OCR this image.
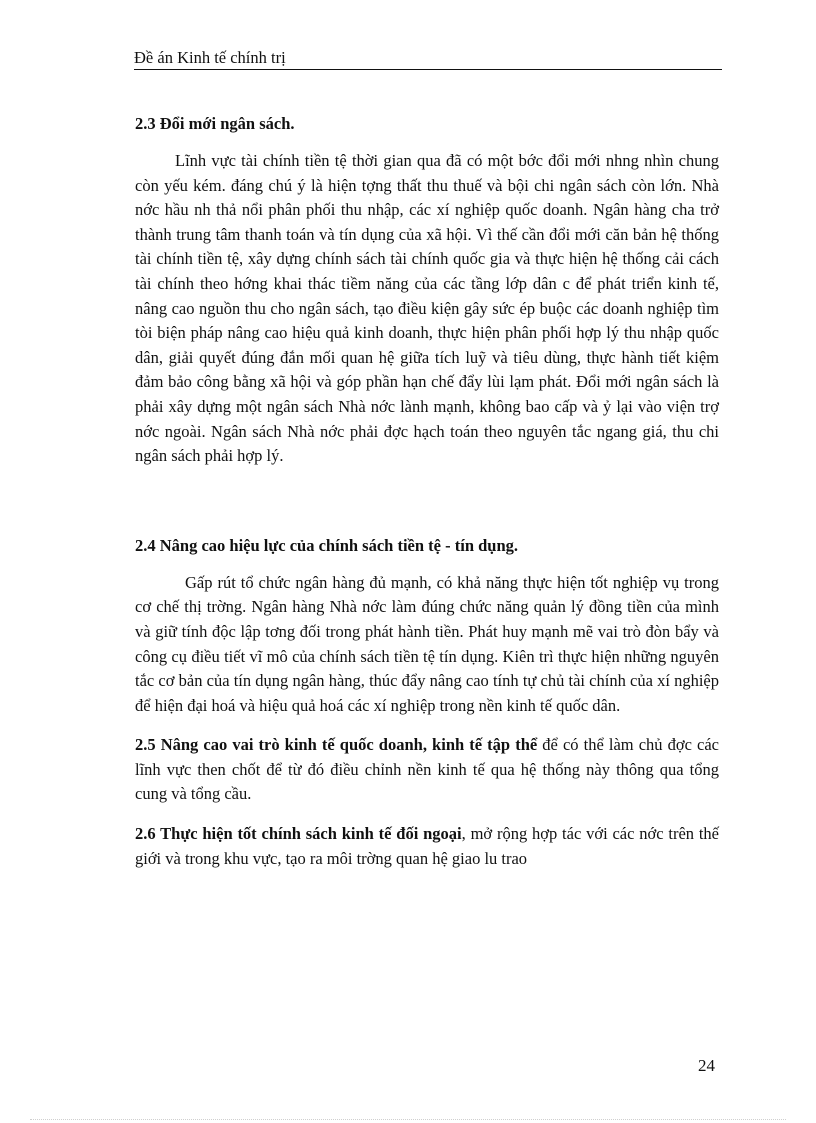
Đề án Kinh tế chính trị
2.3 Đổi mới ngân sách.

Lĩnh vực tài chính tiền tệ thời gian qua đã có một bớc đổi mới nhng nhìn chung còn yếu kém. đáng chú ý là hiện tợng thất thu thuế và bội chi ngân sách còn lớn. Nhà nớc hầu nh thả nổi phân phối thu nhập, các xí nghiệp quốc doanh. Ngân hàng cha trở thành trung tâm thanh toán và tín dụng của xã hội. Vì thế cần đổi mới căn bản hệ thống tài chính tiền tệ, xây dựng chính sách tài chính quốc gia và thực hiện hệ thống cải cách tài chính theo hớng khai thác tiềm năng của các tầng lớp dân c để phát triển kinh tế, nâng cao nguồn thu cho ngân sách, tạo điều kiện gây sức ép buộc các doanh nghiệp tìm tòi biện pháp nâng cao hiệu quả kinh doanh, thực hiện phân phối hợp lý thu nhập quốc dân, giải quyết đúng đắn mối quan hệ giữa tích luỹ và tiêu dùng, thực hành tiết kiệm đảm bảo công bằng xã hội và góp phần hạn chế đẩy lùi lạm phát. Đổi mới ngân sách là phải xây dựng một ngân sách Nhà nớc lành mạnh, không bao cấp và ỷ lại vào viện trợ nớc ngoài. Ngân sách Nhà nớc phải đợc hạch toán theo nguyên tắc ngang giá, thu chi ngân sách phải hợp lý.

2.4 Nâng cao hiệu lực của chính sách tiền tệ - tín dụng.

Gấp rút tổ chức ngân hàng đủ mạnh, có khả năng thực hiện tốt nghiệp vụ trong cơ chế thị trờng. Ngân hàng Nhà nớc làm đúng chức năng quản lý đồng tiền của mình và giữ tính độc lập tơng đối trong phát hành tiền. Phát huy mạnh mẽ vai trò đòn bẩy và công cụ điều tiết vĩ mô của chính sách tiền tệ tín dụng. Kiên trì thực hiện những nguyên tắc cơ bản của tín dụng ngân hàng, thúc đẩy nâng cao tính tự chủ tài chính của xí nghiệp để hiện đại hoá và hiệu quả hoá các xí nghiệp trong nền kinh tế quốc dân.

2.5 Nâng cao vai trò kinh tế quốc doanh, kinh tế tập thể để có thể làm chủ đợc các lĩnh vực then chốt để từ đó điều chỉnh nền kinh tế qua hệ thống này thông qua tổng cung và tổng cầu.

2.6 Thực hiện tốt chính sách kinh tế đối ngoại, mở rộng hợp tác với các nớc trên thế giới và trong khu vực, tạo ra môi trờng quan hệ giao lu trao

24
